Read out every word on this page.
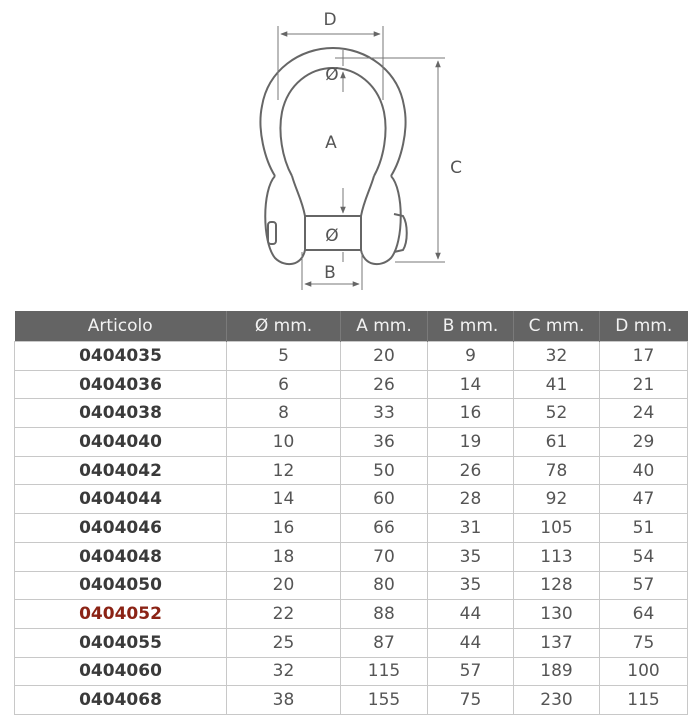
D
C
Ø
A
Ø
B
Articolo	Ø mm.	A mm.	B mm.	C mm.	D mm.
0404035	5	20	9	32	17
0404036	6	26	14	41	21
0404038	8	33	16	52	24
0404040	10	36	19	61	29
0404042	12	50	26	78	40
0404044	14	60	28	92	47
0404046	16	66	31	105	51
0404048	18	70	35	113	54
0404050	20	80	35	128	57
0404052	22	88	44	130	64
0404055	25	87	44	137	75
0404060	32	115	57	189	100
0404068	38	155	75	230	115
